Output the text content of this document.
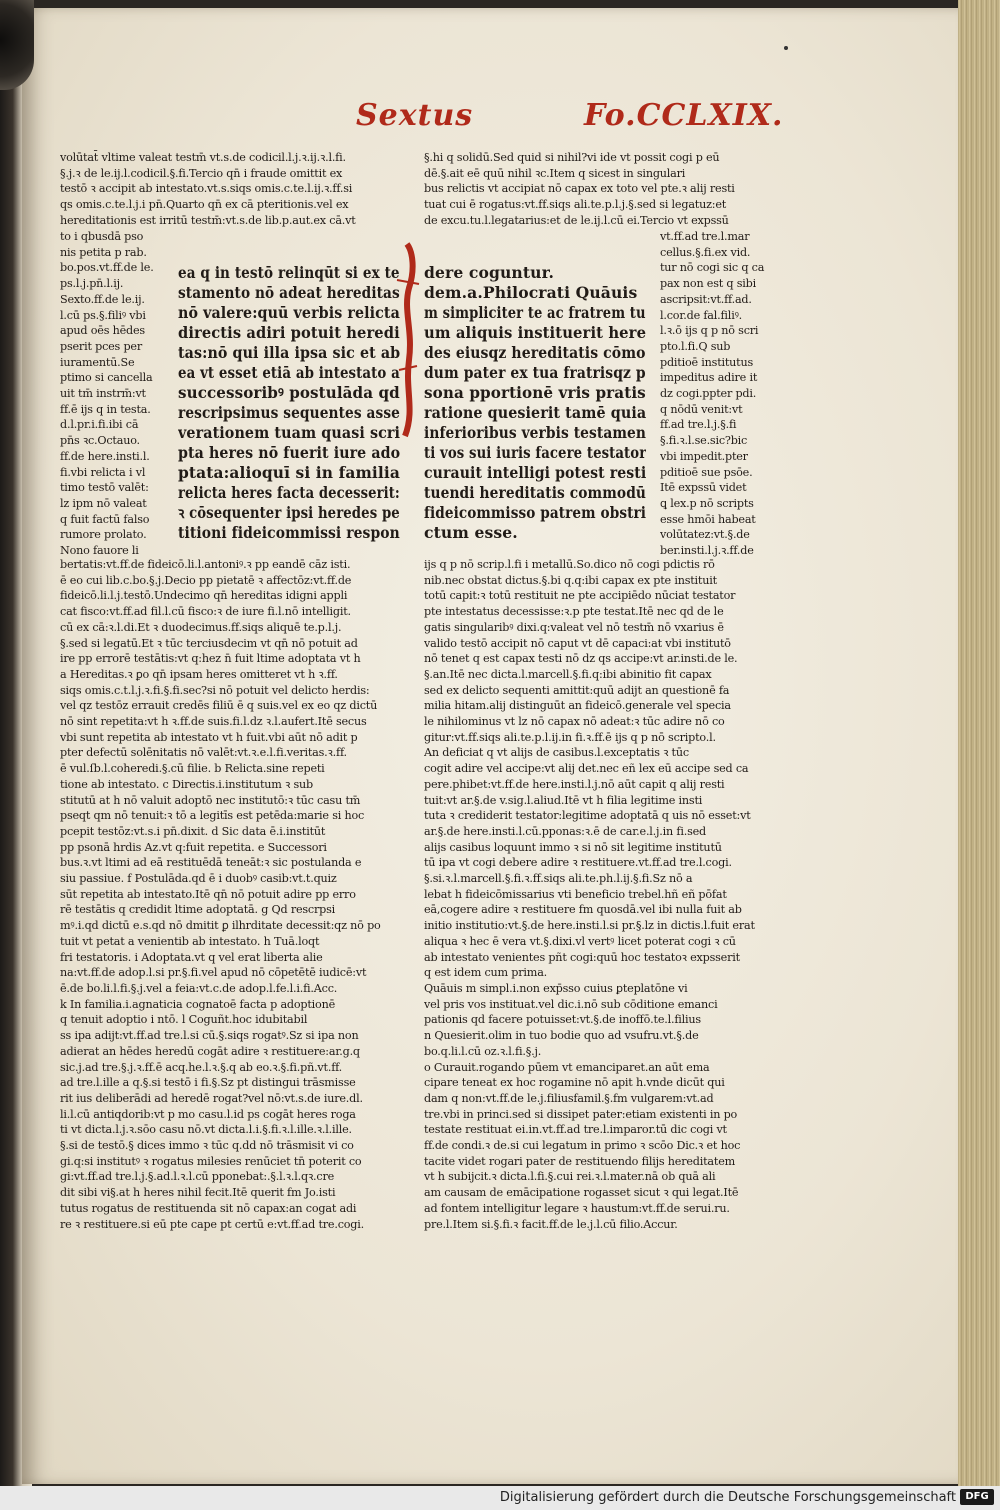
Sextus	Fo.CCLXIX.

volūtat̄ vltime valeat testm̄ vt.s.de codicil.l.j.ꝛ.ij.ꝛ.l.fi.

§.j.ꝛ de le.ij.l.codicil.§.fi.Tercio qn̄ i fraude omittit ex

testō ꝛ accipit ab intestato.vt.s.siqs omis.c.te.l.ij.ꝛ.ff.si

qs omis.c.te.l.j.i pn̄.Quarto qn̄ ex cā pteritionis.vel ex

hereditationis est irritū testm̄:vt.s.de lib.p.aut.ex cā.vt

§.hi q solidū.Sed quid si nihil?vi ide vt possit cogi p eū

dē.§.ait eē quū nihil ꝛc.Item q sicest in singulari

bus relictis vt accipiat nō capax ex toto vel pte.ꝛ alij resti

tuat cui ē rogatus:vt.ff.siqs ali.te.p.l.j.§.sed si legatuz:et

de excu.tu.l.legatarius:et de le.ij.l.cū ei.Tercio vt expssū

to i qbusdā pso

nis petita p rab.

bo.pos.vt.ff.de le.

ps.l.j.pn̄.l.ij.

Sexto.ff.de le.ij.

l.cū ps.§.filiꝰ vbi

apud oēs hēdes

pserit pces per

iuramentū.Se

ptimo si cancella

uit tm̄ instrm̄:vt

ff.ē ijs q in testa.

d.l.pr.i.fi.ibi cā

pn̄s ꝛc.Octauo.

ff.de here.insti.l.

fi.vbi relicta i vl

timo testō valēt:

lz ipm nō valeat

q fuit factū falso

rumore prolato.

Nono fauore li

ea q in testō relinqūt si ex te

stamento nō adeat hereditas

nō valere:quū verbis relicta

directis adiri potuit heredi

tas:nō qui illa ipsa sic et ab

ea vt esset etiā ab intestato a

successoribꝰ postulāda qd

rescripsimus sequentes asse

verationem tuam quasi scri

pta heres nō fuerit iure ado

ptata:alioquī si in familia

relicta heres facta decesserit:

ꝛ cōsequenter ipsi heredes pe

titioni fideicommissi respon

dere coguntur.

dem.a.Philocrati Quāuis

m simpliciter te ac fratrem tu

um aliquis instituerit here

des eiusqz hereditatis cōmo

dum pater ex tua fratrisqz p

sona pportionē vris pratis

ratione quesierit tamē quia

inferioribus verbis testamen

ti vos sui iuris facere testator

curauit intelligi potest resti

tuendi hereditatis commodū

fideicommisso patrem obstri

ctum esse.

vt.ff.ad tre.l.mar

cellus.§.fi.ex vid.

tur nō cogi sic q ca

pax non est q sibi

ascripsit:vt.ff.ad.

l.cor.de fal.filiꝰ.

l.ꝛ.ō ijs q p nō scri

pto.l.fi.Q sub

pditioē institutus

impeditus adire it

dz cogi.ppter pdi.

q nōdū venit:vt

ff.ad tre.l.j.§.fi

§.fi.ꝛ.l.se.sic?bic

vbi impedit.pter

pditioē sue psōe.

Itē expssū videt

ꝗ lex.p nō scripts

esse hmōi habeat

volūtatez:vt.§.de

ber.insti.l.j.ꝛ.ff.de

bertatis:vt.ff.de fideicō.li.l.antoniꝰ.ꝛ pp eandē cāz isti.

ē eo cui lib.c.bo.§.j.Decio pp pietatē ꝛ affectōz:vt.ff.de

fideicō.li.l.j.testō.Undecimo qn̄ hereditas idigni appli

cat fisco:vt.ff.ad fil.l.cū fisco:ꝛ de iure fi.l.nō intelligit.

cū ex cā:ꝛ.l.di.Et ꝛ duodecimus.ff.siqs aliquē te.p.l.j.

§.sed si legatū.Et ꝛ tūc terciusdecim vt qn̄ nō potuit ad

ire pp errorē testātis:vt q:hez n̄ fuit ltime adoptata vt h

a Hereditas.ꝛ ꝑo qn̄ ipsam heres omitteret vt h ꝛ.ff.

siqs omis.c.t.l.j.ꝛ.fi.§.fi.sec?si nō potuit vel delicto herdis:

vel qz testōz errauit credēs filiū ē q suis.vel ex eo qz dictū

nō sint repetita:vt h ꝛ.ff.de suis.fi.l.dz ꝛ.l.aufert.Itē secus

vbi sunt repetita ab intestato vt h fuit.vbi aūt nō adit p

pter defectū solēnitatis nō valēt:vt.ꝛ.e.l.fi.veritas.ꝛ.ff.

ē vul.ſb.l.coheredi.§.cū filie. b Relicta.sine repeti

tione ab intestato. c Directis.i.institutum ꝛ sub

stitutū at h nō valuit adoptō nec institutō:ꝛ tūc casu tm̄

pseqt qm nō tenuit:ꝛ tō a legitīs est petēda:marie si hoc

pcepit testōz:vt.s.i pn̄.dixit. d Sic data ē.i.institūt

pp psonā hrdis Az.vt q:fuit repetita. e Successori

bus.ꝛ.vt ltimi ad eā restituēdā teneāt:ꝛ sic postulanda e

siu passiue. f Postulāda.qd ē i duobꝰ casib:vt.t.quiz

sūt repetita ab intestato.Itē qn̄ nō potuit adire pp erro

rē testātis q credidit ltime adoptatā. g Qd rescrpsi

mꝰ.i.qd dictū e.s.qd nō dmitit ꝑ ilhrditate decessit:qz nō po

tuit vt petat a venientib ab intestato. h Tuā.loqt

fri testatoris. i Adoptata.vt q vel erat liberta alie

na:vt.ff.de adop.l.si pr.§.fi.vel apud nō cōpetētē iudicē:vt

ē.de bo.li.l.fi.§.j.vel a feia:vt.c.de adop.l.fe.l.i.fi.Acc.

k In familia.i.agnaticia cognatoē facta p adoptionē

q tenuit adoptio i ntō. l Coguñt.hoc idubitabil

ss ipa adijt:vt.ff.ad tre.l.si cū.§.siqs rogatꝰ.Sz si ipa non

adierat an hēdes heredū cogāt adire ꝛ restituere:ar.g.q

sic.j.ad tre.§.j.ꝛ.ff.ē acq.he.l.ꝛ.§.q ab eo.ꝛ.§.fi.pñ.vt.ff.

ad tre.l.ille a q.§.si testō i fi.§.Sz pt distingui trāsmisse

rit ius deliberādi ad heredē rogat?vel nō:vt.s.de iure.dl.

li.l.cū antiqdorib:vt p mo casu.l.id ps cogāt heres roga

ti vt dicta.l.j.ꝛ.sōo casu nō.vt dicta.l.i.§.fi.ꝛ.l.ille.ꝛ.l.ille.

§.si de testō.§ dices immo ꝛ tūc q.dd nō trāsmisit vi co

gi.q:si institutꝰ ꝛ rogatus milesies renūciet tn̄ poterit co

gi:vt.ff.ad tre.l.j.§.ad.l.ꝛ.l.cū pponebat:.§.l.ꝛ.l.qꝛ.cre

dit sibi vi§.at h heres nihil fecit.Itē querit fm Jo.isti

tutus rogatus de restituenda sit nō capax:an cogat adi

re ꝛ restituere.si eū pte cape pt certū e:vt.ff.ad tre.cogi.

ijs q p nō scrip.l.fi i metallū.So.dico nō cogi pdictis rō

nib.nec obstat dictus.§.bi q.q:ibi capax ex pte instituit

totū capit:ꝛ totū restituit ne pte accipiēdo nūciat testator

pte intestatus decessisse:ꝛ.p pte testat.Itē nec qd de le

gatis singularibꝰ dixi.q:valeat vel nō testm̄ nō vxarius ē

valido testō accipit nō caput vt dē capaci:at vbi institutō

nō tenet q est capax testi nō dz qs accipe:vt ar.insti.de le.

§.an.Itē nec dicta.l.marcell.§.fi.q:ibi abinitio fit capax

sed ex delicto sequenti amittit:quū adijt an questionē fa

milia hitam.alij distinguūt an fideicō.generale vel specia

le nihilominus vt lz nō capax nō adeat:ꝛ tūc adire nō co

gitur:vt.ff.siqs ali.te.p.l.ij.in fi.ꝛ.ff.ē ijs q p nō scripto.l.

An deficiat q vt alijs de casibus.l.exceptatis ꝛ tūc

cogit adire vel accipe:vt alij det.nec eñ lex eū accipe sed ca

pere.phibet:vt.ff.de here.insti.l.j.nō aūt capit q alij resti

tuit:vt ar.§.de v.sig.l.aliud.Itē vt h filia legitime insti

tuta ꝛ crediderit testator:legitime adoptatā q uis nō esset:vt

ar.§.de here.insti.l.cū.pponas:ꝛ.ē de car.e.l.j.in fi.sed

alijs casibus loquunt immo ꝛ si nō sit legitime institutū

tū ipa vt cogi debere adire ꝛ restituere.vt.ff.ad tre.l.cogi.

§.si.ꝛ.l.marcell.§.fi.ꝛ.ff.siqs ali.te.ph.l.ij.§.fi.Sz nō a

lebat h fideicōmissarius vti beneficio trebel.hñ eñ pōfat

eā,cogere adire ꝛ restituere fm quosdā.vel ibi nulla fuit ab

initio institutio:vt.§.de here.insti.l.si pr.§.lz in dictis.l.fuit erat

aliqua ꝛ hec ē vera vt.§.dixi.vl vertꝰ licet poterat cogi ꝛ cū

ab intestato venientes pñt cogi:quū hoc testatoꝛ expsserit

q est idem cum prima.

Quāuis m simpl.i.non exp̄sso cuius ꝑteplatōne vi

vel pris vos instituat.vel dic.i.nō sub cōditione emanci

pationis qd facere potuisset:vt.§.de inoffō.te.l.filius

n Quesierit.olim in tuo bodie quo ad vsufru.vt.§.de

bo.q.li.l.cū oz.ꝛ.l.fi.§.j.

o Curauit.rogando pūem vt emanciparet.an aūt ema

cipare teneat ex hoc rogamine nō apit h.vnde dicūt qui

dam q non:vt.ff.de le.j.filiusfamil.§.fm vulgarem:vt.ad

tre.vbi in princi.sed si dissipet pater:etiam existenti in po

testate restituat ei.in.vt.ff.ad tre.l.imparor.tū dic cogi vt

ff.de condi.ꝛ de.si cui legatum in primo ꝛ scōo Dic.ꝛ et hoc

tacite videt rogari pater de restituendo filijs hereditatem

vt h subijcit.ꝛ dicta.l.fi.§.cui rei.ꝛ.l.mater.nā ob quā ali

am causam de emācipatione rogasset sicut ꝛ qui legat.Itē

ad fontem intelligitur legare ꝛ haustum:vt.ff.de serui.ru.

pre.l.Item si.§.fi.ꝛ facit.ff.de le.j.l.cū filio.Accur.

Digitalisierung gefördert durch die Deutsche Forschungsgemeinschaft DFG
